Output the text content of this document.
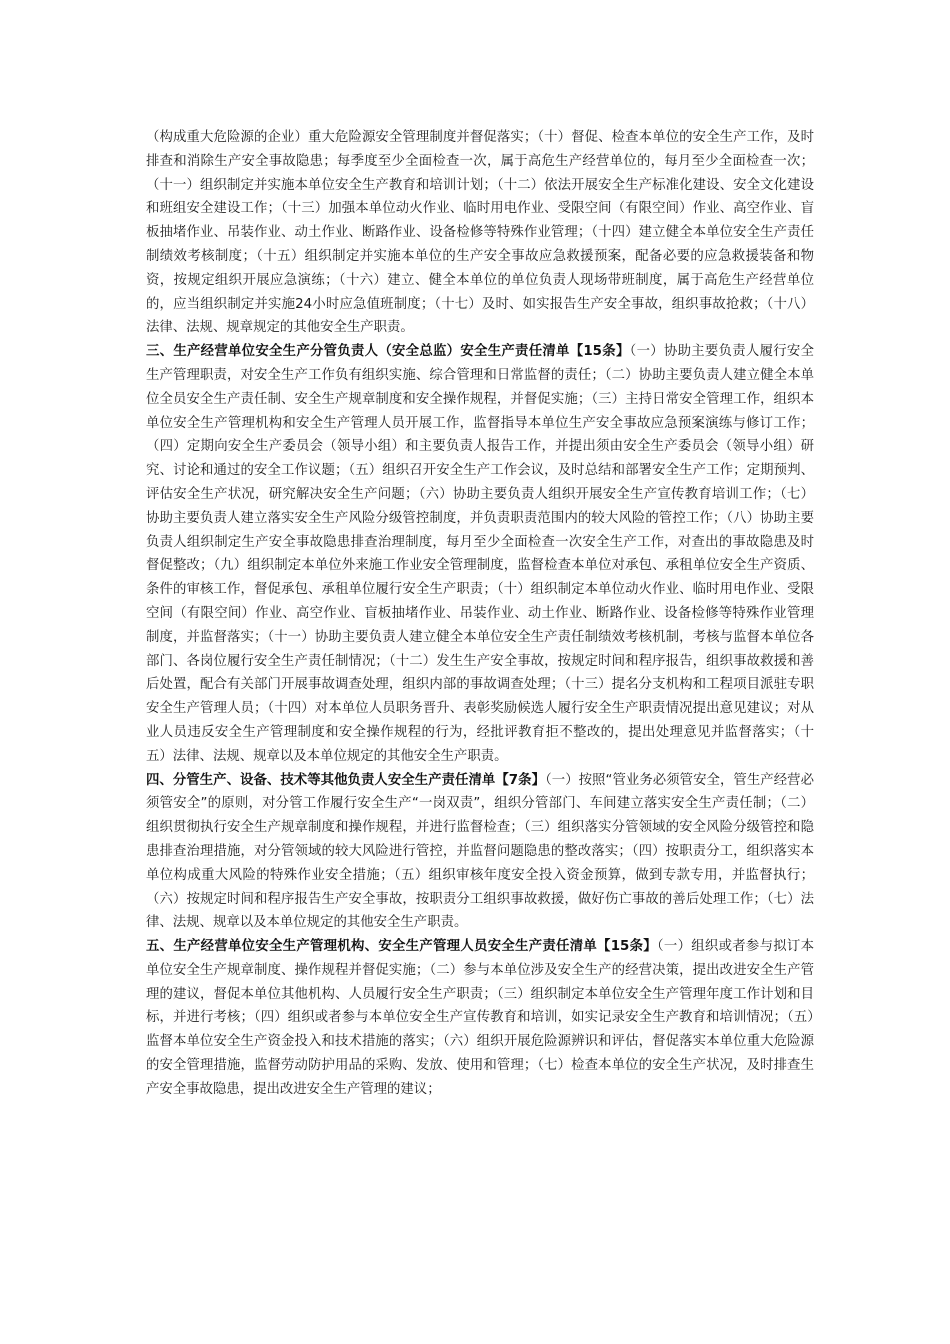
（构成重大危险源的企业）重大危险源安全管理制度并督促落实；（十）督促、检查本单位的安全生产工作，及时排查和消除生产安全事故隐患；每季度至少全面检查一次，属于高危生产经营单位的，每月至少全面检查一次；（十一）组织制定并实施本单位安全生产教育和培训计划；（十二）依法开展安全生产标准化建设、安全文化建设和班组安全建设工作；（十三）加强本单位动火作业、临时用电作业、受限空间（有限空间）作业、高空作业、盲板抽堵作业、吊装作业、动土作业、断路作业、设备检修等特殊作业管理；（十四）建立健全本单位安全生产责任制绩效考核制度；（十五）组织制定并实施本单位的生产安全事故应急救援预案，配备必要的应急救援装备和物资，按规定组织开展应急演练；（十六）建立、健全本单位的单位负责人现场带班制度，属于高危生产经营单位的，应当组织制定并实施24小时应急值班制度；（十七）及时、如实报告生产安全事故，组织事故抢救；（十八）法律、法规、规章规定的其他安全生产职责。

三、生产经营单位安全生产分管负责人（安全总监）安全生产责任清单【15条】（一）协助主要负责人履行安全生产管理职责，对安全生产工作负有组织实施、综合管理和日常监督的责任；（二）协助主要负责人建立健全本单位全员安全生产责任制、安全生产规章制度和安全操作规程，并督促实施；（三）主持日常安全管理工作，组织本单位安全生产管理机构和安全生产管理人员开展工作，监督指导本单位生产安全事故应急预案演练与修订工作；（四）定期向安全生产委员会（领导小组）和主要负责人报告工作，并提出须由安全生产委员会（领导小组）研究、讨论和通过的安全工作议题；（五）组织召开安全生产工作会议，及时总结和部署安全生产工作；定期预判、评估安全生产状况，研究解决安全生产问题；（六）协助主要负责人组织开展安全生产宣传教育培训工作；（七）协助主要负责人建立落实安全生产风险分级管控制度，并负责职责范围内的较大风险的管控工作；（八）协助主要负责人组织制定生产安全事故隐患排查治理制度，每月至少全面检查一次安全生产工作，对查出的事故隐患及时督促整改；（九）组织制定本单位外来施工作业安全管理制度，监督检查本单位对承包、承租单位安全生产资质、条件的审核工作，督促承包、承租单位履行安全生产职责；（十）组织制定本单位动火作业、临时用电作业、受限空间（有限空间）作业、高空作业、盲板抽堵作业、吊装作业、动土作业、断路作业、设备检修等特殊作业管理制度，并监督落实；（十一）协助主要负责人建立健全本单位安全生产责任制绩效考核机制，考核与监督本单位各部门、各岗位履行安全生产责任制情况；（十二）发生生产安全事故，按规定时间和程序报告，组织事故救援和善后处置，配合有关部门开展事故调查处理，组织内部的事故调查处理；（十三）提名分支机构和工程项目派驻专职安全生产管理人员；（十四）对本单位人员职务晋升、表彰奖励候选人履行安全生产职责情况提出意见建议；对从业人员违反安全生产管理制度和安全操作规程的行为，经批评教育拒不整改的，提出处理意见并监督落实；（十五）法律、法规、规章以及本单位规定的其他安全生产职责。

四、分管生产、设备、技术等其他负责人安全生产责任清单【7条】（一）按照“管业务必须管安全，管生产经营必须管安全”的原则，对分管工作履行安全生产“一岗双责”，组织分管部门、车间建立落实安全生产责任制；（二）组织贯彻执行安全生产规章制度和操作规程，并进行监督检查；（三）组织落实分管领域的安全风险分级管控和隐患排查治理措施，对分管领域的较大风险进行管控，并监督问题隐患的整改落实；（四）按职责分工，组织落实本单位构成重大风险的特殊作业安全措施；（五）组织审核年度安全投入资金预算，做到专款专用，并监督执行；（六）按规定时间和程序报告生产安全事故，按职责分工组织事故救援，做好伤亡事故的善后处理工作；（七）法律、法规、规章以及本单位规定的其他安全生产职责。

五、生产经营单位安全生产管理机构、安全生产管理人员安全生产责任清单【15条】（一）组织或者参与拟订本单位安全生产规章制度、操作规程并督促实施；（二）参与本单位涉及安全生产的经营决策，提出改进安全生产管理的建议，督促本单位其他机构、人员履行安全生产职责；（三）组织制定本单位安全生产管理年度工作计划和目标，并进行考核；（四）组织或者参与本单位安全生产宣传教育和培训，如实记录安全生产教育和培训情况；（五）监督本单位安全生产资金投入和技术措施的落实；（六）组织开展危险源辨识和评估，督促落实本单位重大危险源的安全管理措施，监督劳动防护用品的采购、发放、使用和管理；（七）检查本单位的安全生产状况，及时排查生产安全事故隐患，提出改进安全生产管理的建议；
